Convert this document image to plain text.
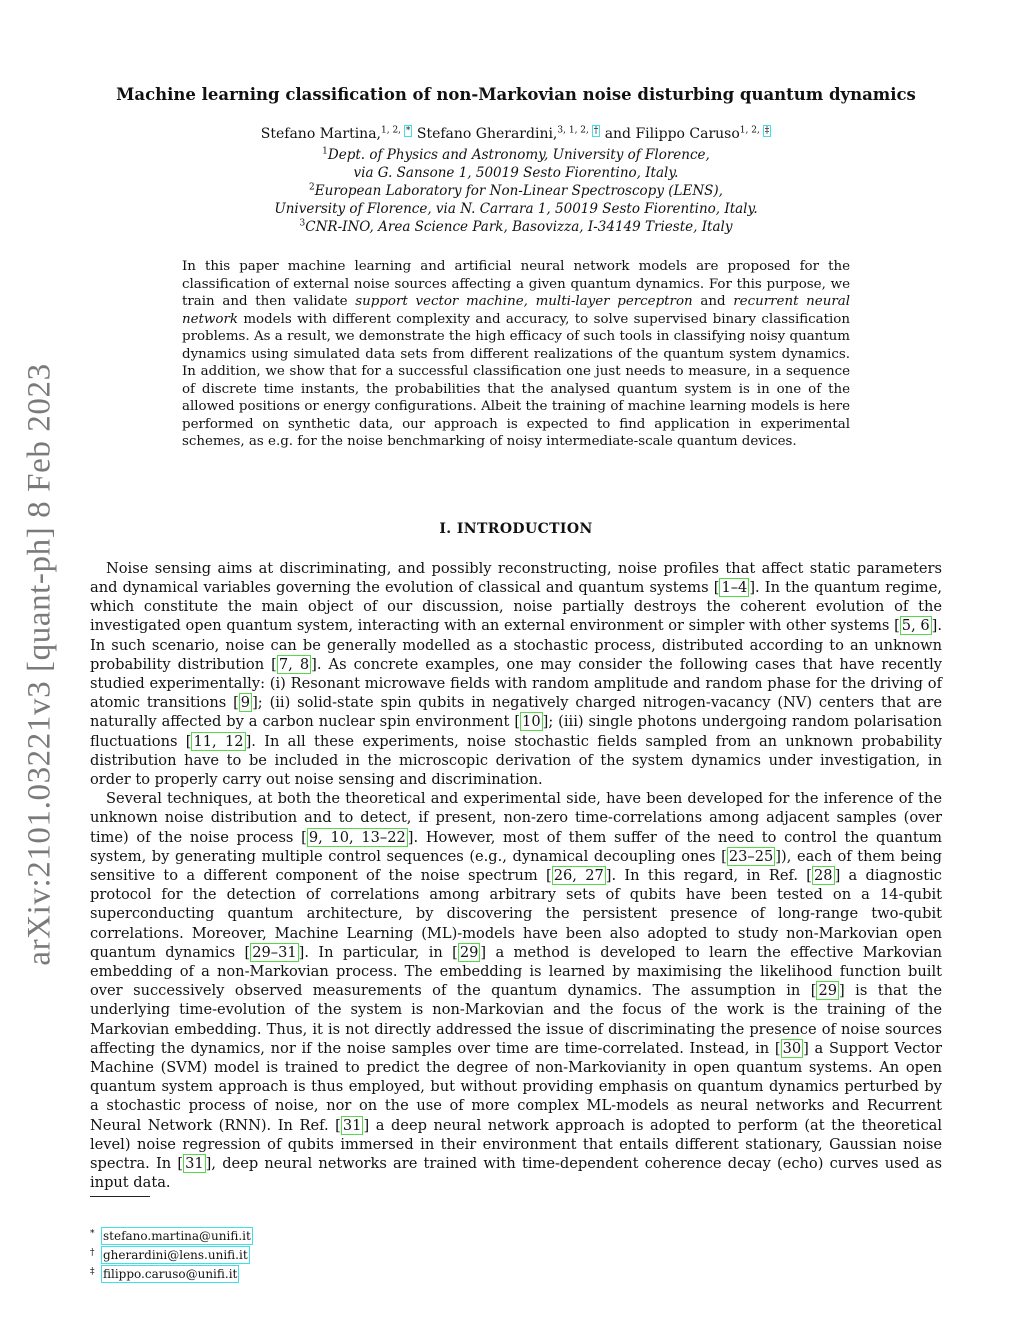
arXiv:2101.03221v3 [quant-ph] 8 Feb 2023
Machine learning classification of non-Markovian noise disturbing quantum dynamics
Stefano Martina,$^{1, 2, *}$ Stefano Gherardini,$^{3, 1, 2, \dagger}$ and Filippo Caruso$^{1, 2, \ddagger}$
$^1$Dept. of Physics and Astronomy, University of Florence,
via G. Sansone 1, 50019 Sesto Fiorentino, Italy.
$^2$European Laboratory for Non-Linear Spectroscopy (LENS),
University of Florence, via N. Carrara 1, 50019 Sesto Fiorentino, Italy.
$^3$CNR-INO, Area Science Park, Basovizza, I-34149 Trieste, Italy
In this paper machine learning and artificial neural network models are proposed for the classification of external noise sources affecting a given quantum dynamics. For this purpose, we train and then validate support vector machine, multi-layer perceptron and recurrent neural network models with different complexity and accuracy, to solve supervised binary classification problems. As a result, we demonstrate the high efficacy of such tools in classifying noisy quantum dynamics using simulated data sets from different realizations of the quantum system dynamics. In addition, we show that for a successful classification one just needs to measure, in a sequence of discrete time instants, the probabilities that the analysed quantum system is in one of the allowed positions or energy configurations. Albeit the training of machine learning models is here performed on synthetic data, our approach is expected to find application in experimental schemes, as e.g. for the noise benchmarking of noisy intermediate-scale quantum devices.
I. INTRODUCTION

Noise sensing aims at discriminating, and possibly reconstructing, noise profiles that affect static parameters and dynamical variables governing the evolution of classical and quantum systems [ 1–4 ]. In the quantum regime, which constitute the main object of our discussion, noise partially destroys the coherent evolution of the investigated open quantum system, interacting with an external environment or simpler with other systems [ 5, 6 ]. In such scenario, noise can be generally modelled as a stochastic process, distributed according to an unknown probability distribution [ 7, 8 ]. As concrete examples, one may consider the following cases that have recently studied experimentally: (i) Resonant microwave fields with random amplitude and random phase for the driving of atomic transitions [ 9 ]; (ii) solid-state spin qubits in negatively charged nitrogen-vacancy (NV) centers that are naturally affected by a carbon nuclear spin environment [ 10 ]; (iii) single photons undergoing random polarisation fluctuations [ 11, 12 ]. In all these experiments, noise stochastic fields sampled from an unknown probability distribution have to be included in the microscopic derivation of the system dynamics under investigation, in order to properly carry out noise sensing and discrimination.

Several techniques, at both the theoretical and experimental side, have been developed for the inference of the unknown noise distribution and to detect, if present, non-zero time-correlations among adjacent samples (over time) of the noise process [ 9, 10, 13–22 ]. However, most of them suffer of the need to control the quantum system, by generating multiple control sequences (e.g., dynamical decoupling ones [ 23–25 ]), each of them being sensitive to a different component of the noise spectrum [ 26, 27 ]. In this regard, in Ref. [ 28 ] a diagnostic protocol for the detection of correlations among arbitrary sets of qubits have been tested on a 14-qubit superconducting quantum architecture, by discovering the persistent presence of long-range two-qubit correlations. Moreover, Machine Learning (ML)-models have been also adopted to study non-Markovian open quantum dynamics [ 29–31 ]. In particular, in [ 29 ] a method is developed to learn the effective Markovian embedding of a non-Markovian process. The embedding is learned by maximising the likelihood function built over successively observed measurements of the quantum dynamics. The assumption in [ 29 ] is that the underlying time-evolution of the system is non-Markovian and the focus of the work is the training of the Markovian embedding. Thus, it is not directly addressed the issue of discriminating the presence of noise sources affecting the dynamics, nor if the noise samples over time are time-correlated. Instead, in [ 30 ] a Support Vector Machine (SVM) model is trained to predict the degree of non-Markovianity in open quantum systems. An open quantum system approach is thus employed, but without providing emphasis on quantum dynamics perturbed by a stochastic process of noise, nor on the use of more complex ML-models as neural networks and Recurrent Neural Network (RNN). In Ref. [ 31 ] a deep neural network approach is adopted to perform (at the theoretical level) noise regression of qubits immersed in their environment that entails different stationary, Gaussian noise spectra. In [ 31 ], deep neural networks are trained with time-dependent coherence decay (echo) curves used as input data.

* stefano.martina@unifi.it
† gherardini@lens.unifi.it
‡ filippo.caruso@unifi.it
